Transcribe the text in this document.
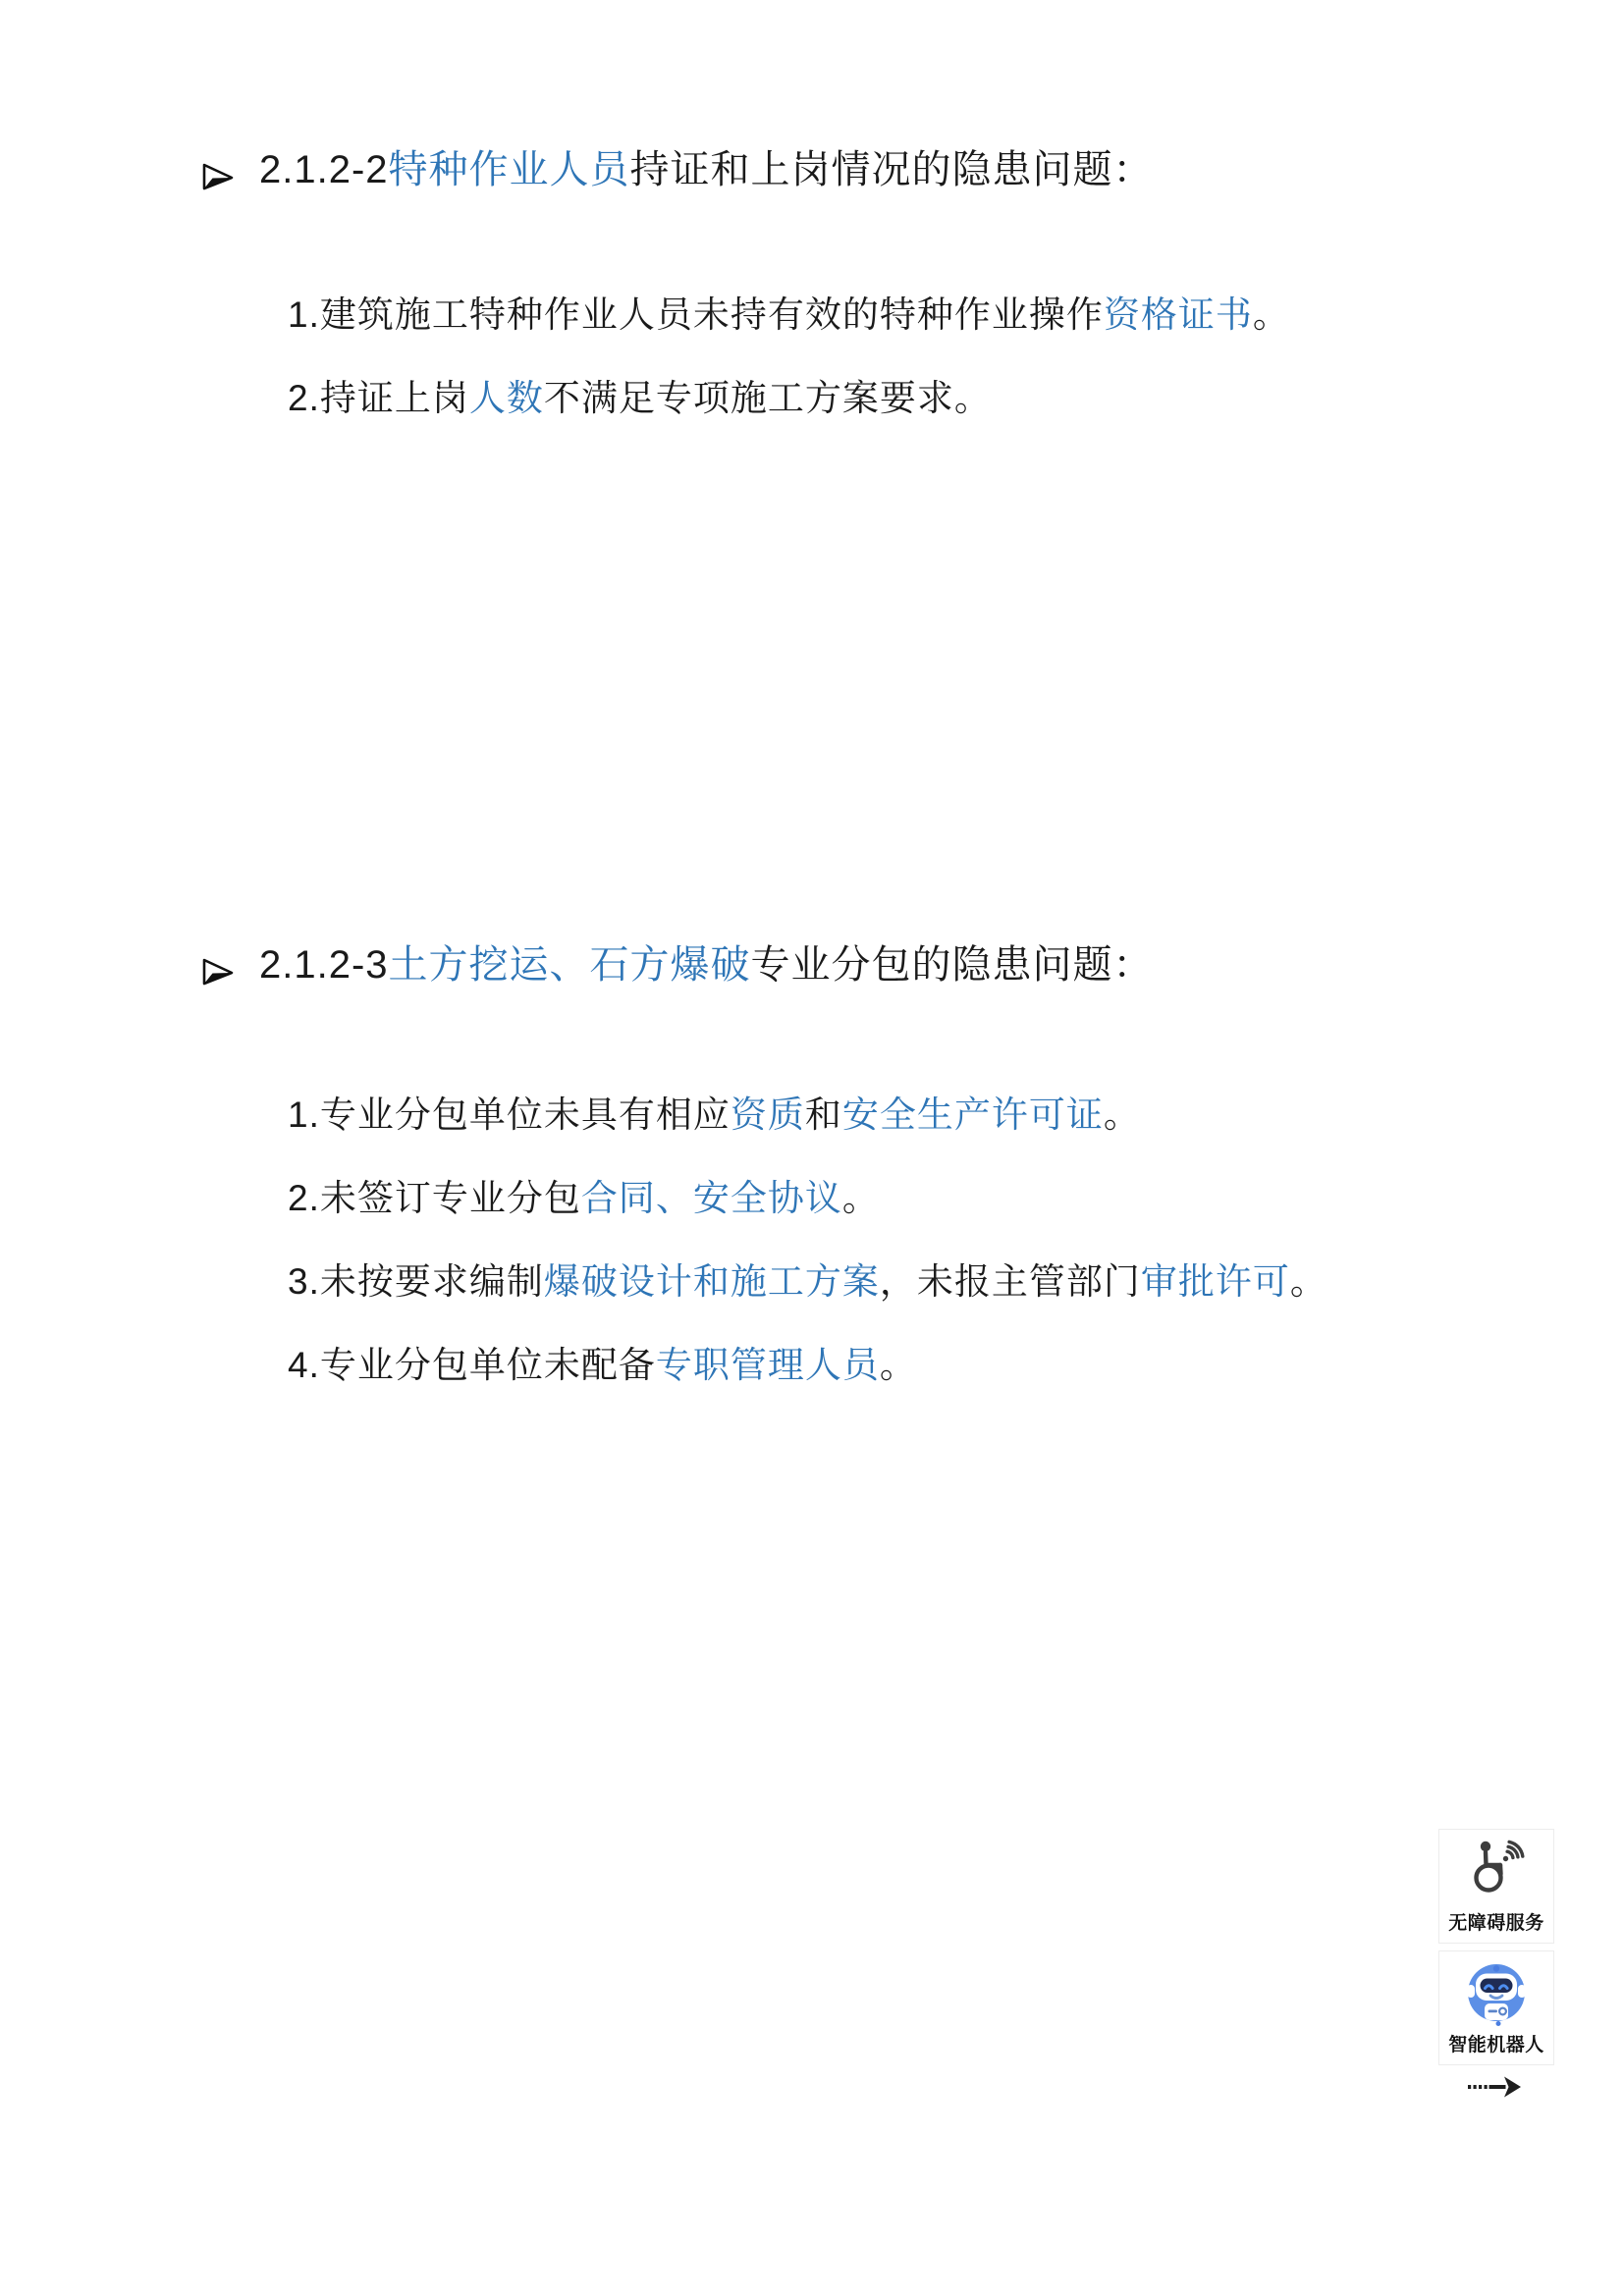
2.1.2-2特种作业人员持证和上岗情况的隐患问题：
1.建筑施工特种作业人员未持有效的特种作业操作资格证书。
2.持证上岗人数不满足专项施工方案要求。
2.1.2-3土方挖运、石方爆破专业分包的隐患问题：
1.专业分包单位未具有相应资质和安全生产许可证。
2.未签订专业分包合同、安全协议。
3.未按要求编制爆破设计和施工方案，未报主管部门审批许可。
4.专业分包单位未配备专职管理人员。
无障碍服务
智能机器人
